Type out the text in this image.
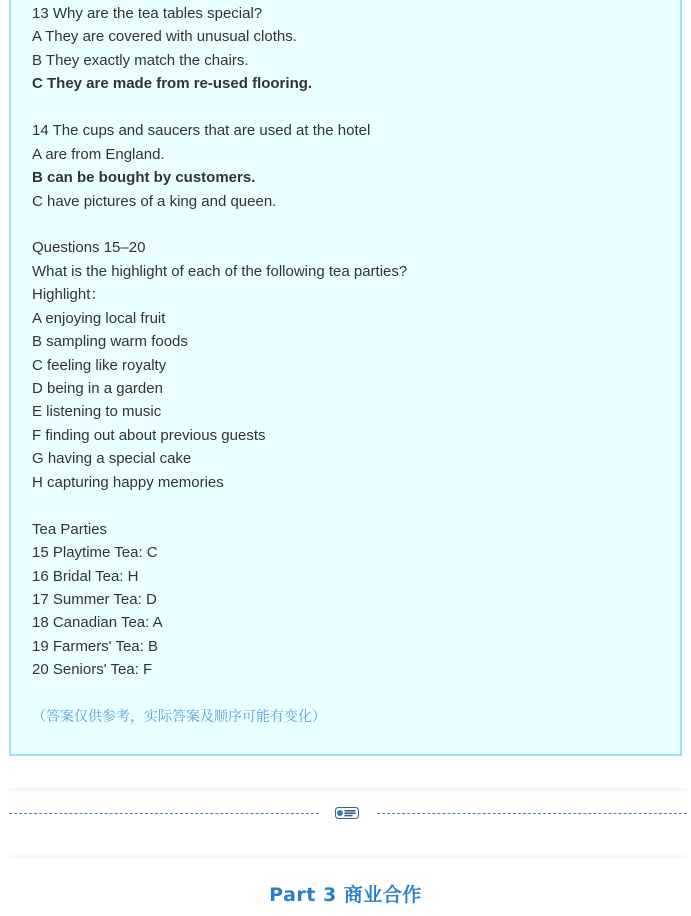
13 Why are the tea tables special?
A They are covered with unusual cloths.
B They exactly match the chairs.
C They are made from re-used flooring.
14 The cups and saucers that are used at the hotel
A are from England.
B can be bought by customers.
C have pictures of a king and queen.
Questions 15–20
What is the highlight of each of the following tea parties?
Highlight：
A enjoying local fruit
B sampling warm foods
C feeling like royalty
D being in a garden
E listening to music
F finding out about previous guests
G having a special cake
H capturing happy memories
Tea Parties
15 Playtime Tea: C
16 Bridal Tea: H
17 Summer Tea: D
18 Canadian Tea: A
19 Farmers' Tea: B
20 Seniors' Tea: F
（答案仅供参考，实际答案及顺序可能有变化）
Part 3 商业合作
